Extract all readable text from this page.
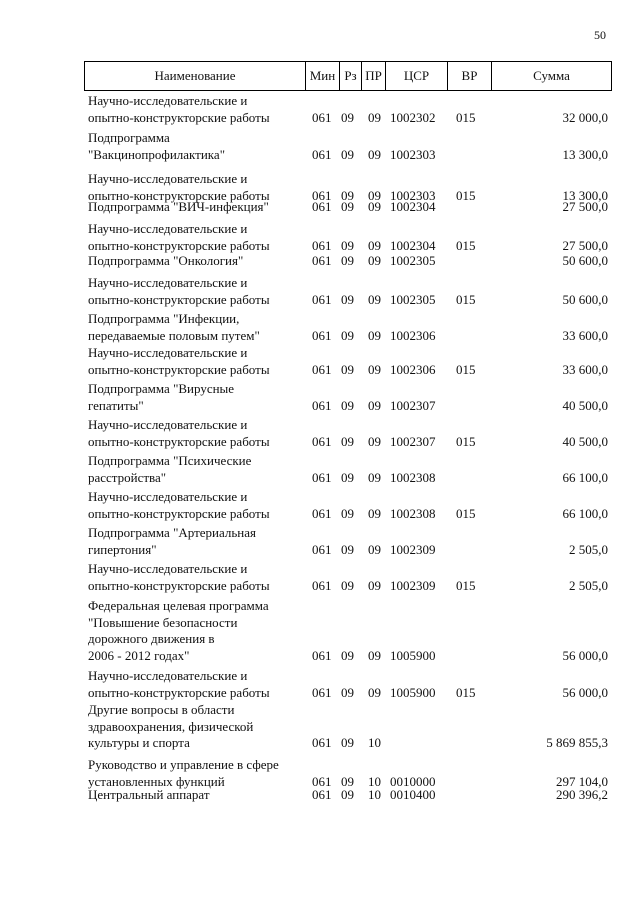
50
Наименование	Мин Рз ПР	ЦСР	ВР	Сумма
Научно-исследовательские и
опытно-конструкторские работы	061 09 09 1002302 015	32 000,0
Подпрограмма
"Вакцинопрофилактика"	061 09 09 1002303	13 300,0
Научно-исследовательские и
опытно-конструкторские работы	061 09 09 1002303 015	13 300,0
Подпрограмма "ВИЧ-инфекция"	061 09 09 1002304	27 500,0
Научно-исследовательские и
опытно-конструкторские работы	061 09 09 1002304 015	27 500,0
Подпрограмма "Онкология"	061 09 09 1002305	50 600,0
Научно-исследовательские и
опытно-конструкторские работы	061 09 09 1002305 015	50 600,0
Подпрограмма "Инфекции,
передаваемые половым путем"	061 09 09 1002306	33 600,0
Научно-исследовательские и
опытно-конструкторские работы	061 09 09 1002306 015	33 600,0
Подпрограмма "Вирусные
гепатиты"	061 09 09 1002307	40 500,0
Научно-исследовательские и
опытно-конструкторские работы	061 09 09 1002307 015	40 500,0
Подпрограмма "Психические
расстройства"	061 09 09 1002308	66 100,0
Научно-исследовательские и
опытно-конструкторские работы	061 09 09 1002308 015	66 100,0
Подпрограмма "Артериальная
гипертония"	061 09 09 1002309	2 505,0
Научно-исследовательские и
опытно-конструкторские работы	061 09 09 1002309 015	2 505,0
Федеральная целевая программа
"Повышение безопасности
дорожного движения в
2006 - 2012 годах"	061 09 09 1005900	56 000,0
Научно-исследовательские и
опытно-конструкторские работы	061 09 09 1005900 015	56 000,0
Другие вопросы в области
здравоохранения, физической
культуры и спорта	061 09 10	5 869 855,3
Руководство и управление в сфере
установленных функций	061 09 10 0010000	297 104,0
Центральный аппарат	061 09 10 0010400	290 396,2
